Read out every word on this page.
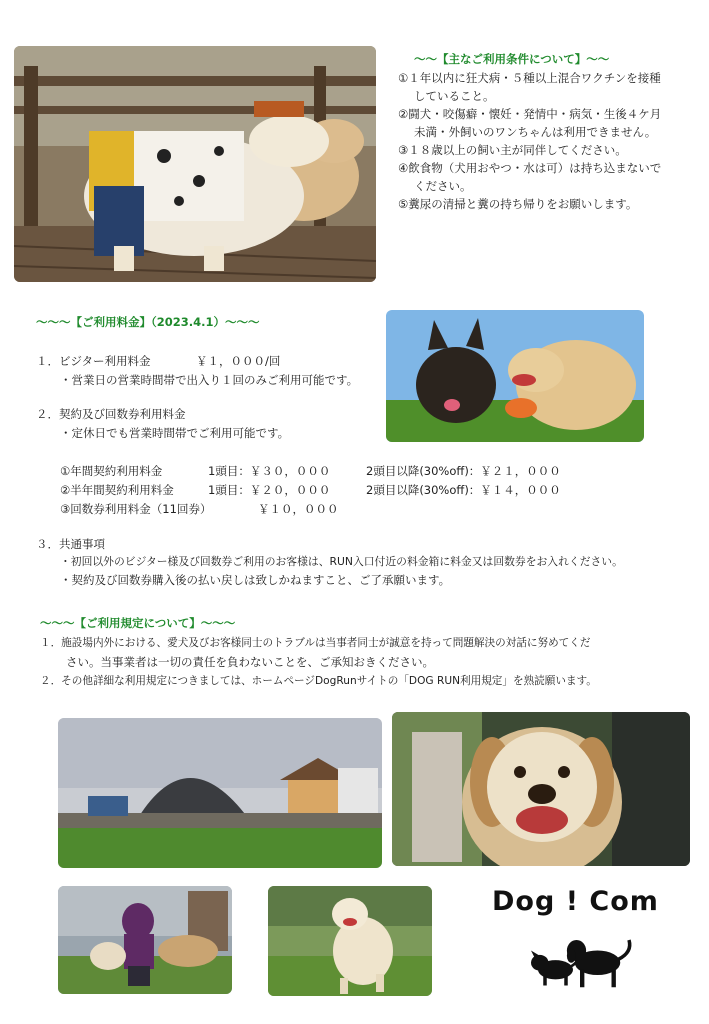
〜〜【主なご利用条件について】〜〜
①１年以内に狂犬病・５種以上混合ワクチンを接種
していること。
②闘犬・咬傷癖・懐妊・発情中・病気・生後４ケ月
未満・外飼いのワンちゃんは利用できません。
③１８歳以上の飼い主が同伴してください。
④飲食物（犬用おやつ・水は可）は持ち込まないで
ください。
⑤糞尿の清掃と糞の持ち帰りをお願いします。
〜〜〜【ご利用料金】（2023.4.1）〜〜〜
１．ビジター利用料金	￥１，０００/回
・営業日の営業時間帯で出入り１回のみご利用可能です。
２．契約及び回数券利用料金
・定休日でも営業時間帯でご利用可能です。
①年間契約利用料金	1頭目：￥３０，０００	2頭目以降(30%off)：￥２１，０００
②半年間契約利用料金	1頭目：￥２０，０００	2頭目以降(30%off)：￥１４，０００
③回数券利用料金（11回券）	￥１０，０００
３．共通事項
・初回以外のビジター様及び回数券ご利用のお客様は、RUN入口付近の料金箱に料金又は回数券をお入れください。
・契約及び回数券購入後の払い戻しは致しかねますこと、ご了承願います。
〜〜〜【ご利用規定について】〜〜〜
１．施設場内外における、愛犬及びお客様同士のトラブルは当事者同士が誠意を持って問題解決の対話に努めてくだ
さい。当事業者は一切の責任を負わないことを、ご承知おきください。
２．その他詳細な利用規定につきましては、ホームページDogRunサイトの「DOG RUN利用規定」を熟読願います。
Dog ! Com
